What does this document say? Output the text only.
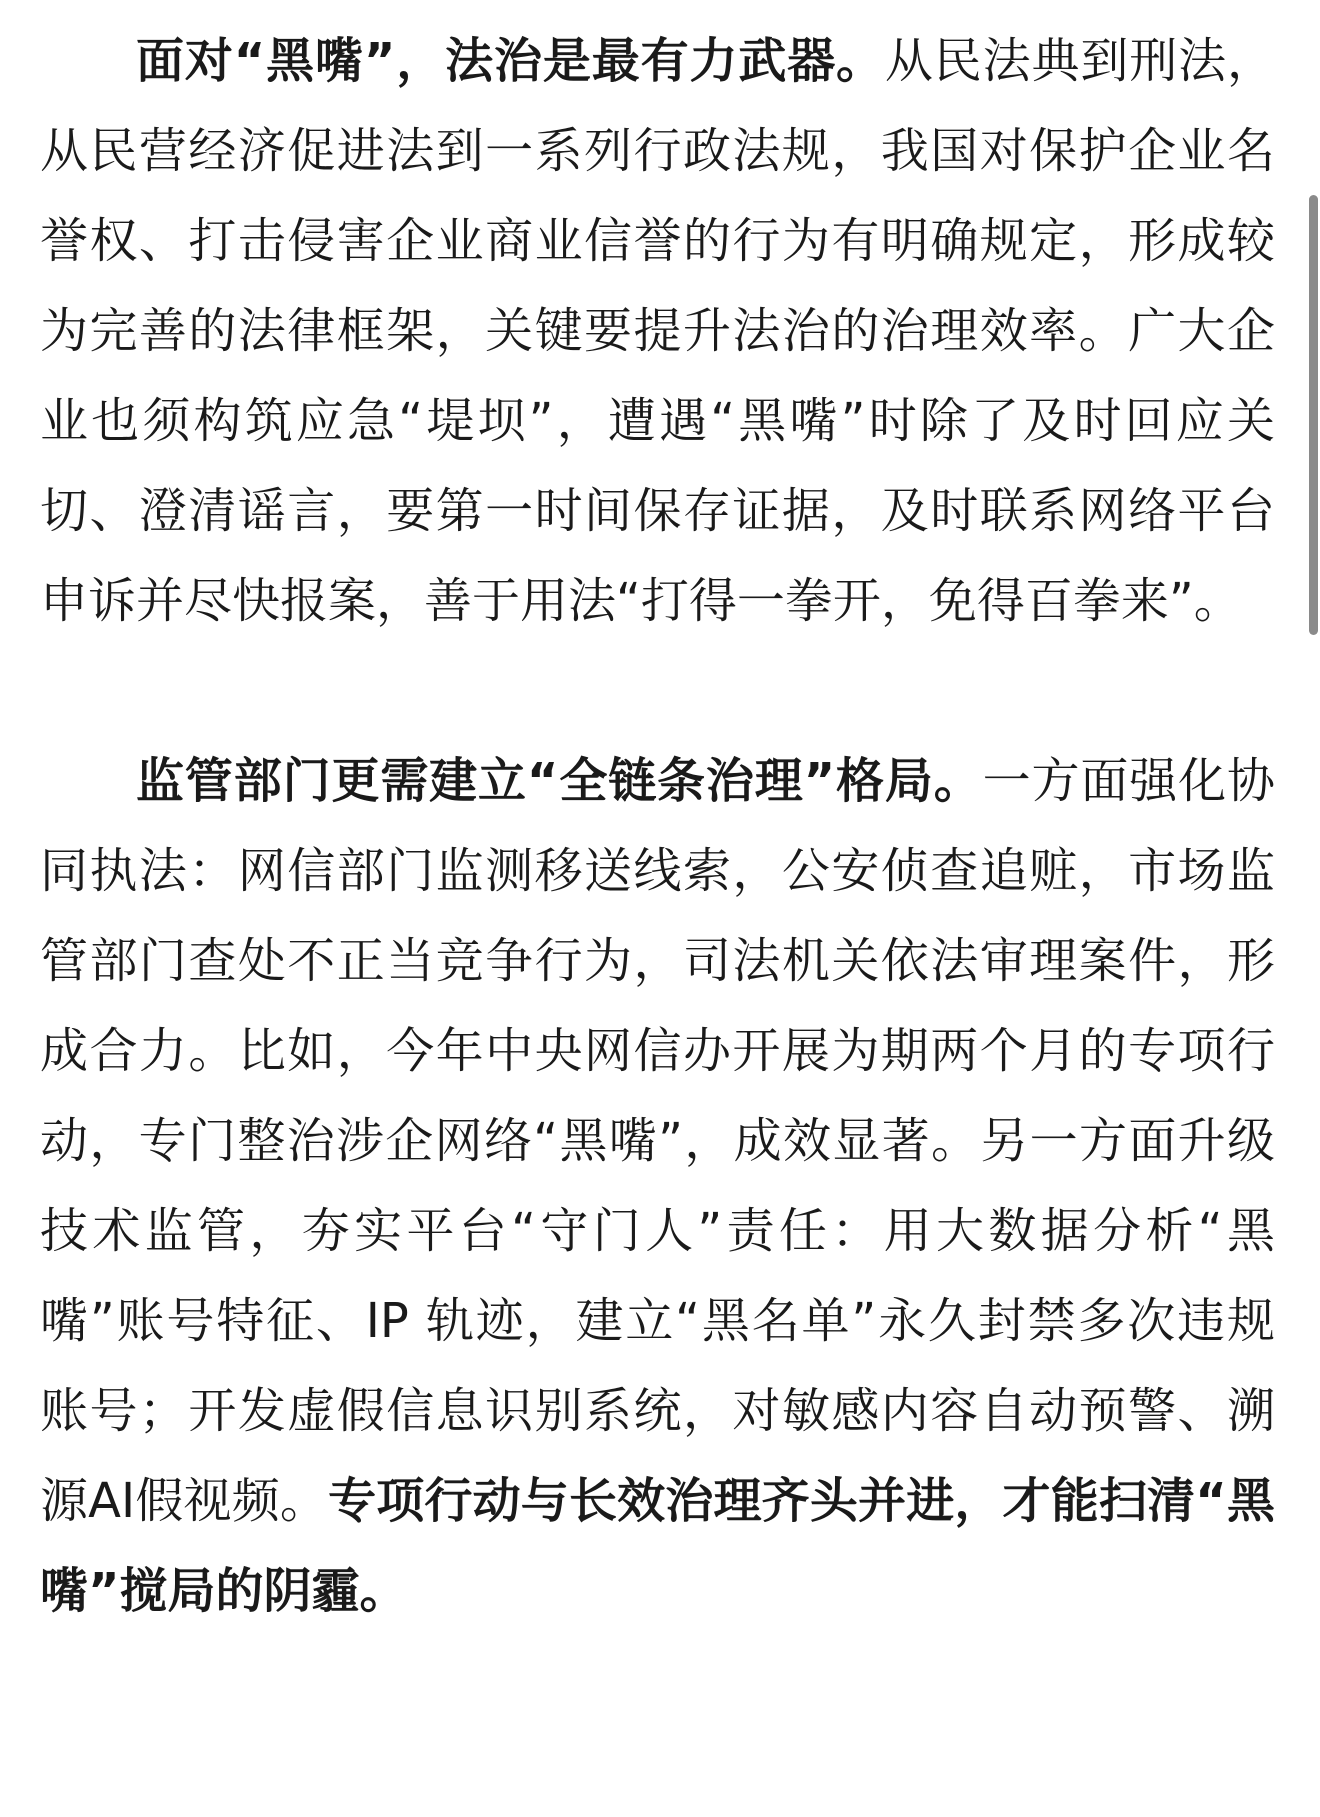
面对“黑嘴”，法治是最有力武器。从民法典到刑法，从民营经济促进法到一系列行政法规，我国对保护企业名誉权、打击侵害企业商业信誉的行为有明确规定，形成较为完善的法律框架，关键要提升法治的治理效率。广大企业也须构筑应急“堤坝”，遭遇“黑嘴”时除了及时回应关切、澄清谣言，要第一时间保存证据，及时联系网络平台申诉并尽快报案，善于用法“打得一拳开，免得百拳来”。

监管部门更需建立“全链条治理”格局。一方面强化协同执法：网信部门监测移送线索，公安侦查追赃，市场监管部门查处不正当竞争行为，司法机关依法审理案件，形成合力。比如，今年中央网信办开展为期两个月的专项行动，专门整治涉企网络“黑嘴”，成效显著。另一方面升级技术监管，夯实平台“守门人”责任：用大数据分析“黑嘴”账号特征、IP 轨迹，建立“黑名单”永久封禁多次违规账号；开发虚假信息识别系统，对敏感内容自动预警、溯源AI假视频。专项行动与长效治理齐头并进，才能扫清“黑嘴”搅局的阴霾。
